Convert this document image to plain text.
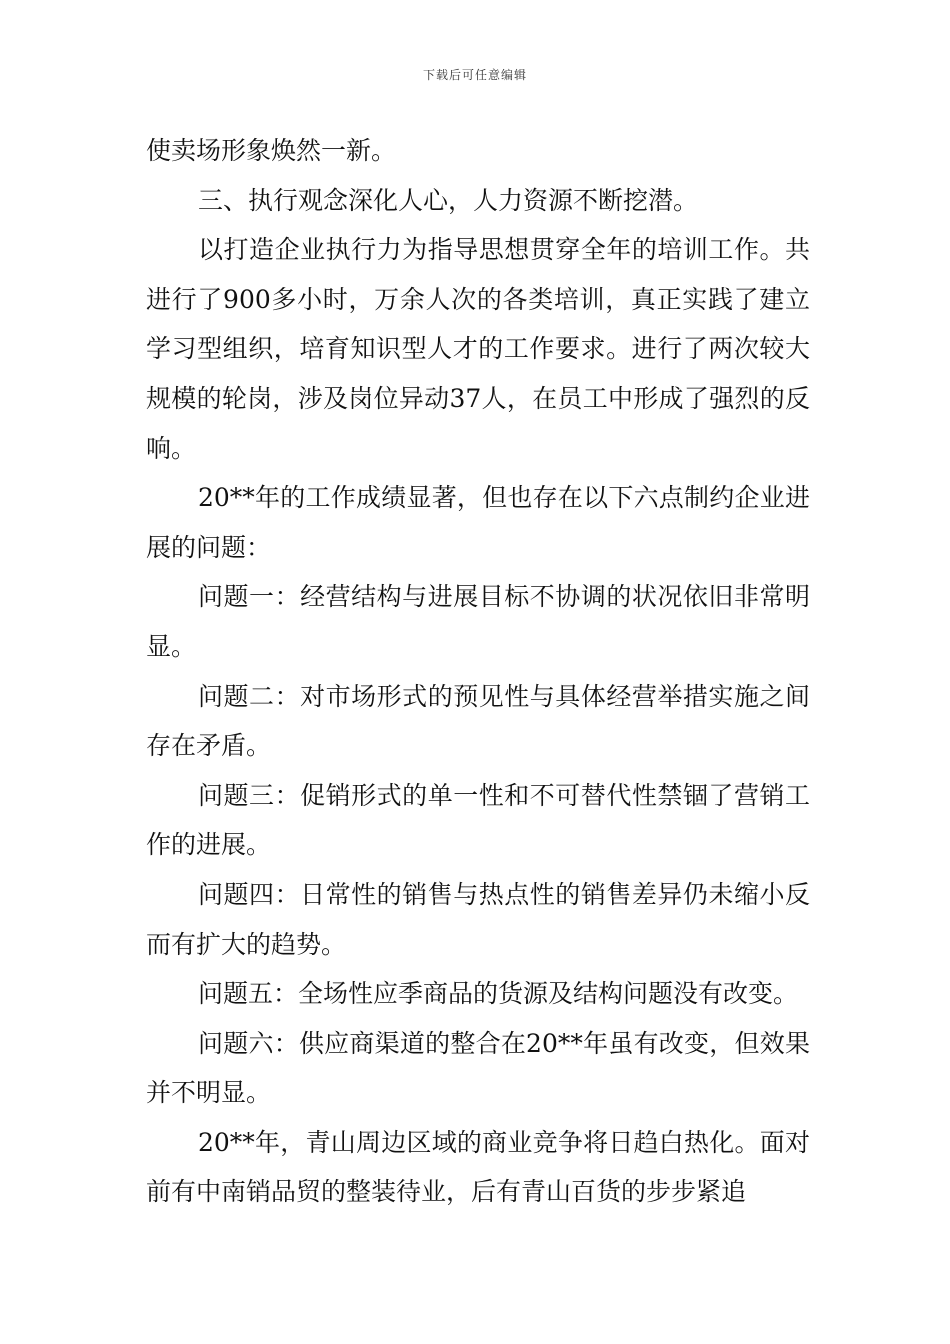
下载后可任意编辑

使卖场形象焕然一新。

三、执行观念深化人心，人力资源不断挖潜。

以打造企业执行力为指导思想贯穿全年的培训工作。共进行了900多小时，万余人次的各类培训，真正实践了建立学习型组织，培育知识型人才的工作要求。进行了两次较大规模的轮岗，涉及岗位异动37人，在员工中形成了强烈的反响。

20**年的工作成绩显著，但也存在以下六点制约企业进展的问题：

问题一：经营结构与进展目标不协调的状况依旧非常明显。

问题二：对市场形式的预见性与具体经营举措实施之间存在矛盾。

问题三：促销形式的单一性和不可替代性禁锢了营销工作的进展。

问题四：日常性的销售与热点性的销售差异仍未缩小反而有扩大的趋势。

问题五：全场性应季商品的货源及结构问题没有改变。

问题六：供应商渠道的整合在20**年虽有改变，但效果并不明显。

20**年，青山周边区域的商业竞争将日趋白热化。面对前有中南销品贸的整装待业，后有青山百货的步步紧追
